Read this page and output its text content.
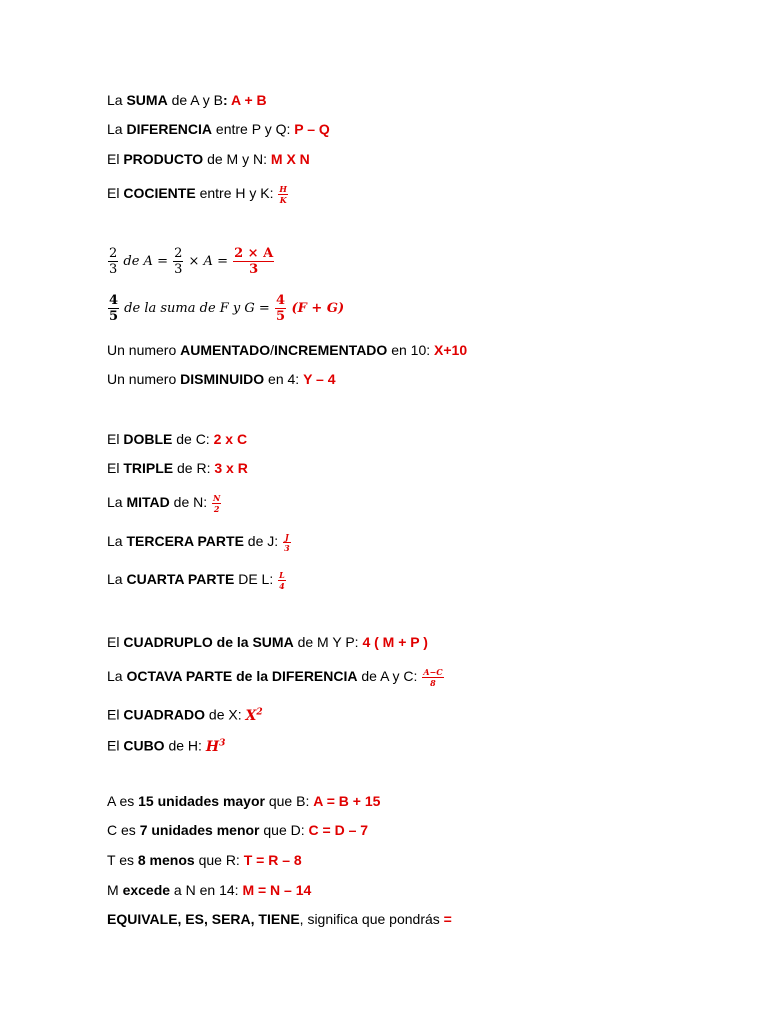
La SUMA de A y B: A + B
La DIFERENCIA entre P y Q: P – Q
El PRODUCTO de M y N: M X N
El COCIENTE entre H y K: $\frac{H}{K}$
$\frac{2}{3}$ de $A = \frac{2}{3} \times A = \frac{2 \times A}{3}$
$\frac{4}{5}$ de la suma de F y $G = \frac{4}{5} (F + G)$
Un numero AUMENTADO/INCREMENTADO en 10: X+10
Un numero DISMINUIDO en 4: Y – 4
El DOBLE de C: 2 x C
El TRIPLE de R: 3 x R
La MITAD de N: $\frac{N}{2}$
La TERCERA PARTE de J: $\frac{J}{3}$
La CUARTA PARTE DE L: $\frac{L}{4}$
El CUADRUPLO de la SUMA de M Y P: 4 ( M + P )
La OCTAVA PARTE de la DIFERENCIA de A y C: $\frac{A-C}{8}$
El CUADRADO de X: $X^2$
El CUBO de H: $H^3$
A es 15 unidades mayor que B: A = B + 15
C es 7 unidades menor que D: C = D – 7
T es 8 menos que R: T = R – 8
M excede a N en 14: M = N – 14
EQUIVALE, ES, SERA, TIENE, significa que pondrás =
